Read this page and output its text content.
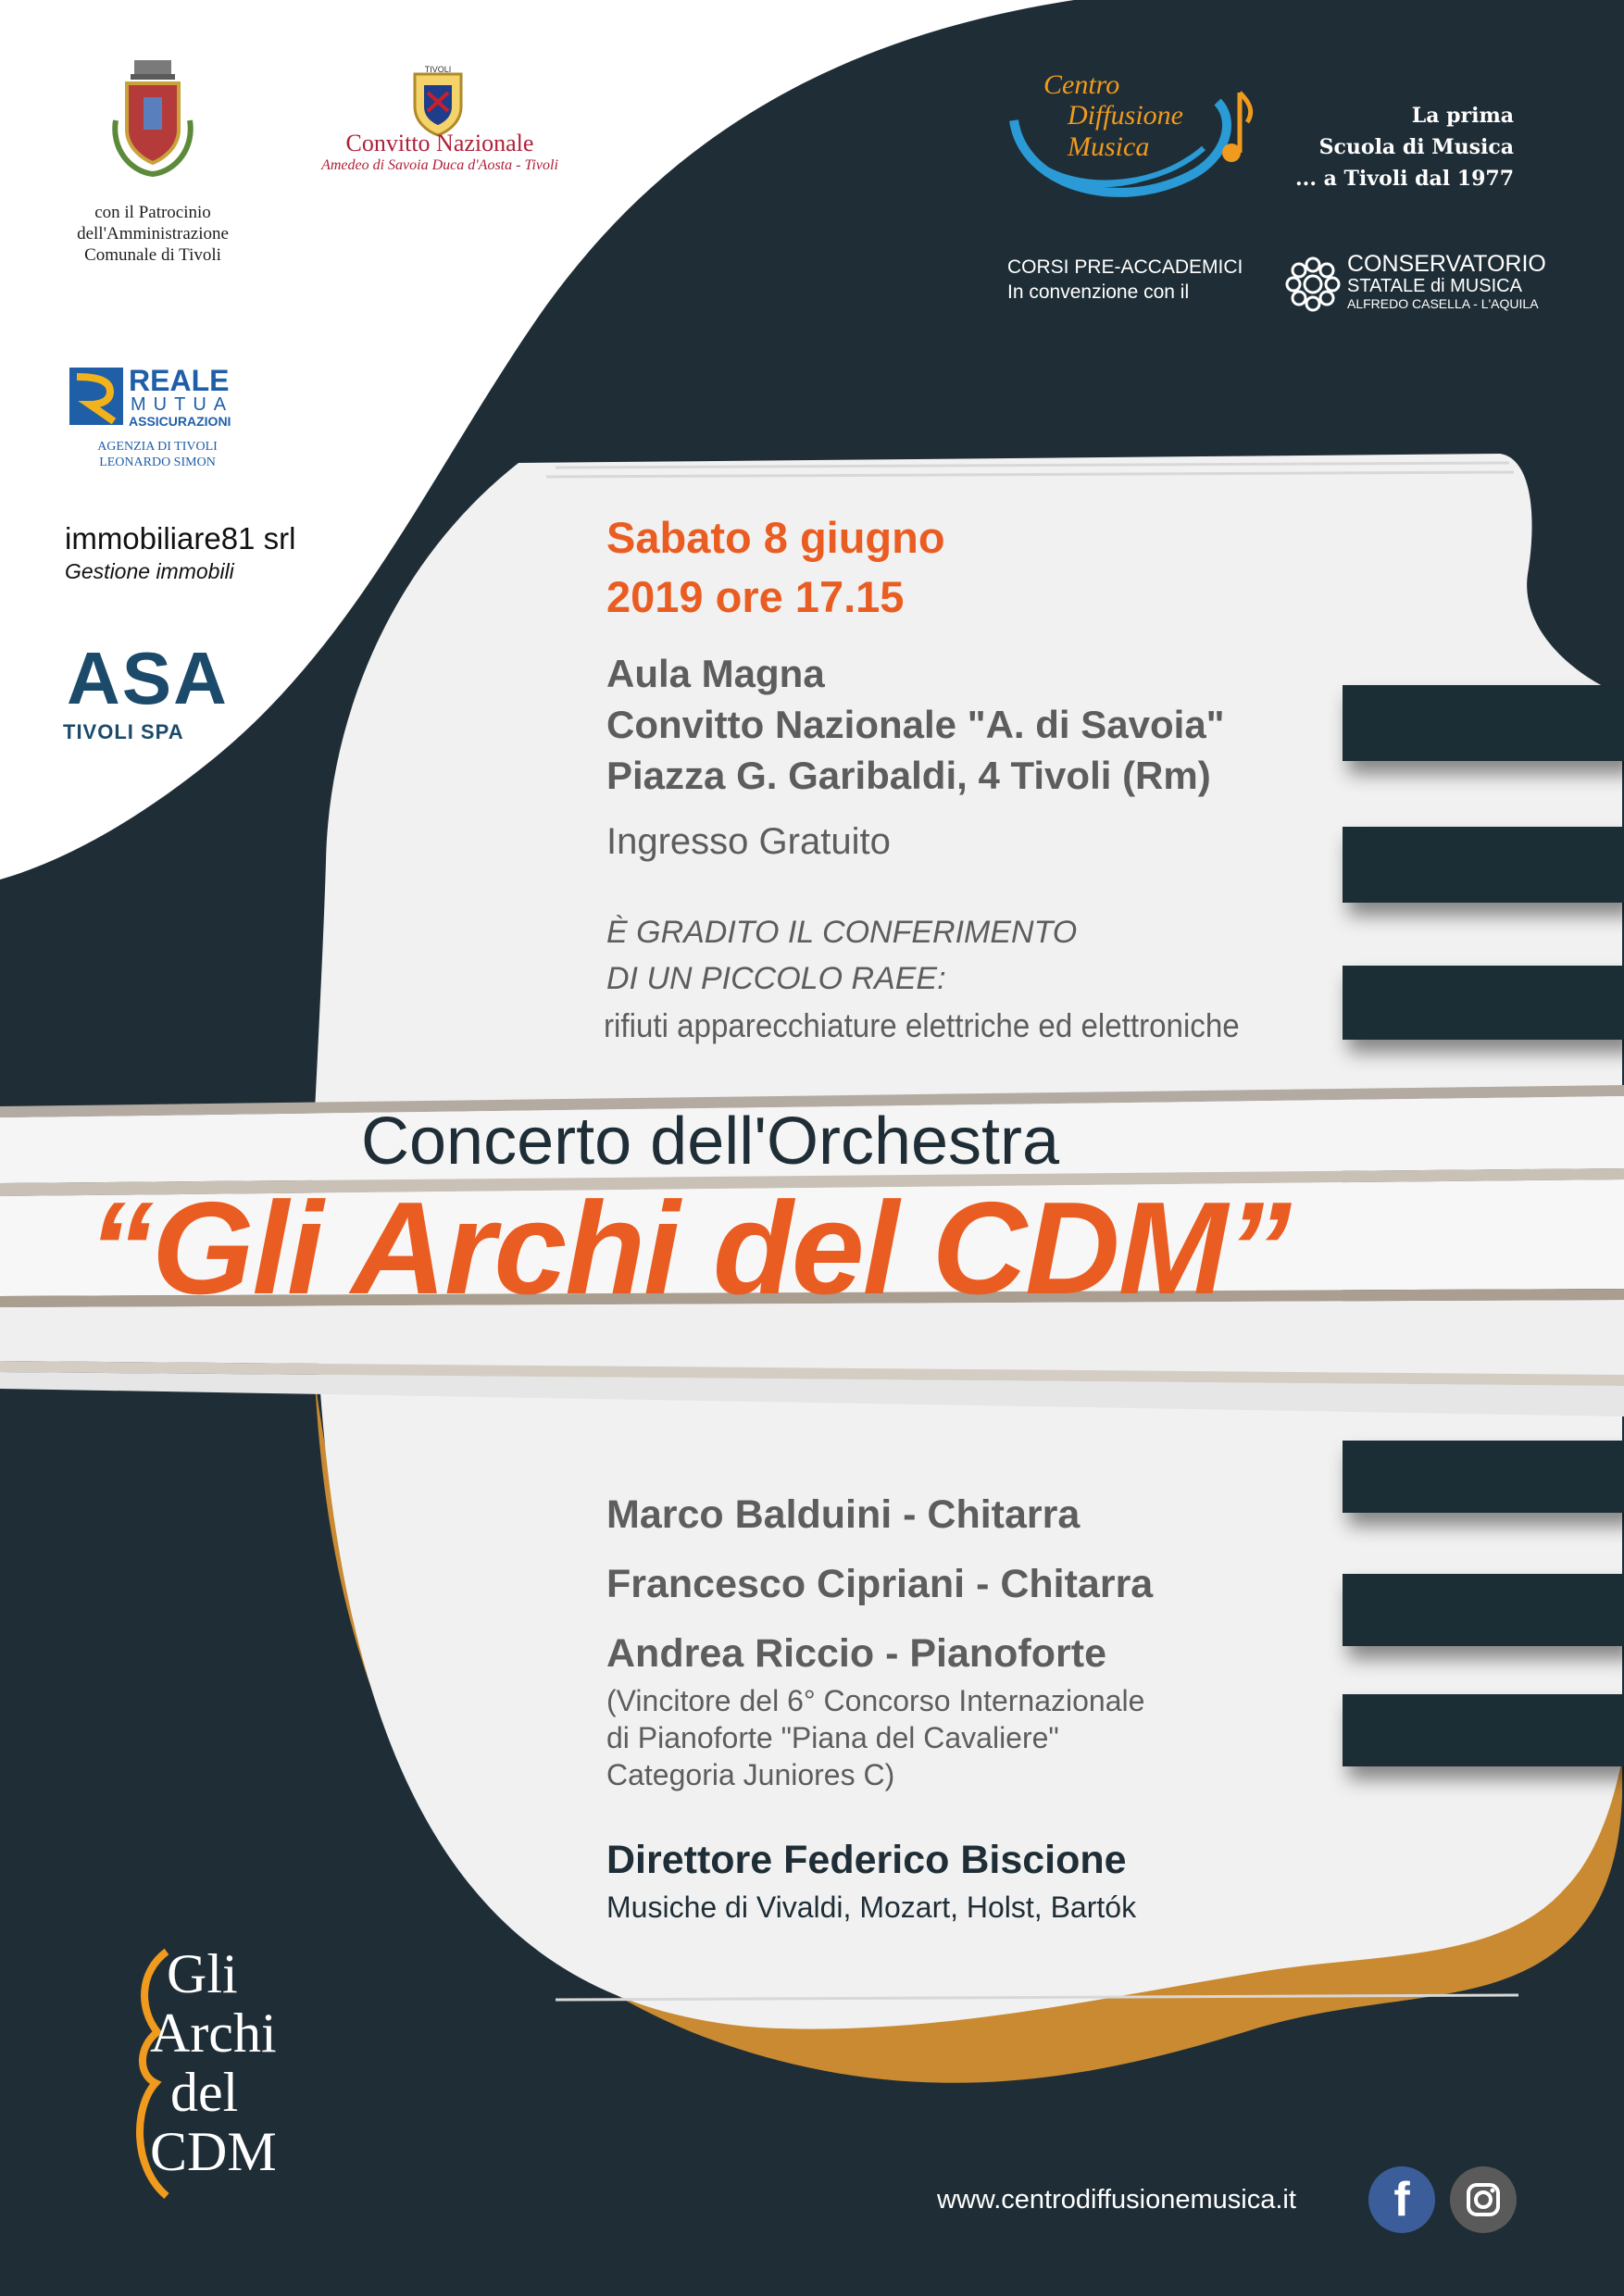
con il Patrocinio
dell'Amministrazione
Comunale di Tivoli
TIVOLI
Convitto Nazionale
Amedeo di Savoia Duca d'Aosta - Tivoli
REALE
MUTUA
ASSICURAZIONI
AGENZIA DI TIVOLI
LEONARDO SIMON
immobiliare81 srl
Gestione immobili
ASA
TIVOLI SPA
Centro
Diffusione
Musica
La prima
Scuola di Musica
... a Tivoli dal 1977
CORSI PRE-ACCADEMICI
In convenzione con il
CONSERVATORIO
STATALE di MUSICA
ALFREDO CASELLA - L'AQUILA
Sabato 8 giugno
2019 ore 17.15
Aula Magna
Convitto Nazionale "A. di Savoia"
Piazza G. Garibaldi, 4 Tivoli (Rm)
Ingresso Gratuito
È GRADITO IL CONFERIMENTO
DI UN PICCOLO RAEE:
rifiuti apparecchiature elettriche ed elettroniche
Concerto dell'Orchestra
“Gli Archi del CDM”
Marco Balduini - Chitarra
Francesco Cipriani - Chitarra
Andrea Riccio - Pianoforte
(Vincitore del 6° Concorso Internazionale
di Pianoforte "Piana del Cavaliere"
Categoria Juniores C)
Direttore Federico Biscione
Musiche di Vivaldi, Mozart, Holst, Bartók
Gli
Archi
del
CDM
www.centrodiffusionemusica.it	f
